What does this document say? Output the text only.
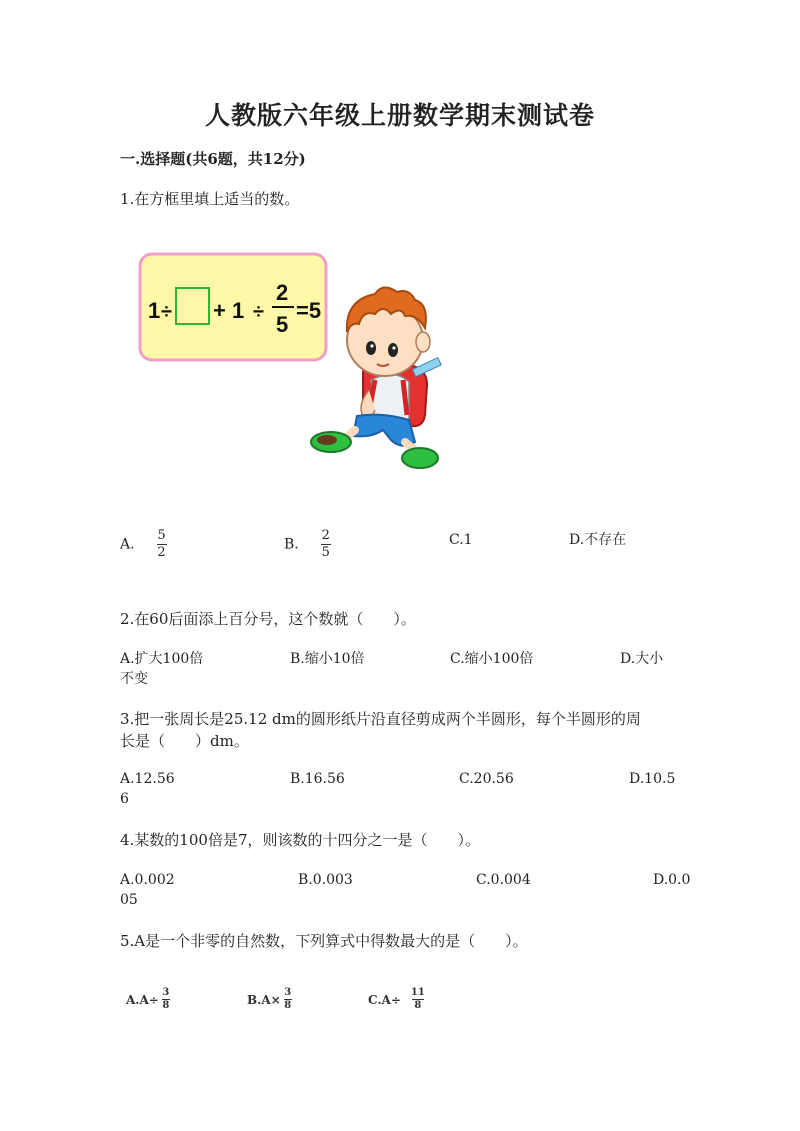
人教版六年级上册数学期末测试卷
一.选择题(共6题，共12分)
1.在方框里填上适当的数。
1 ÷ + 1 ÷
2
5
=5
A. $\frac{5}{2}$	B. $\frac{2}{5}$	C.1	D.不存在
2.在60后面添上百分号，这个数就（　　）。
A.扩大100倍	B.缩小10倍	C.缩小100倍	D.大小
不变
3.把一张周长是25.12 dm的圆形纸片沿直径剪成两个半圆形，每个半圆形的周
长是（　　）dm。
A.12.56	B.16.56	C.20.56	D.10.5
6
4.某数的100倍是7，则该数的十四分之一是（　　）。
A.0.002	B.0.003	C.0.004	D.0.0
05
5.A是一个非零的自然数，下列算式中得数最大的是（　　）。
$A.A\div \frac{3}{8}$	$B.A\times \frac{3}{8}$	$C.A\div \frac{11}{8}$
